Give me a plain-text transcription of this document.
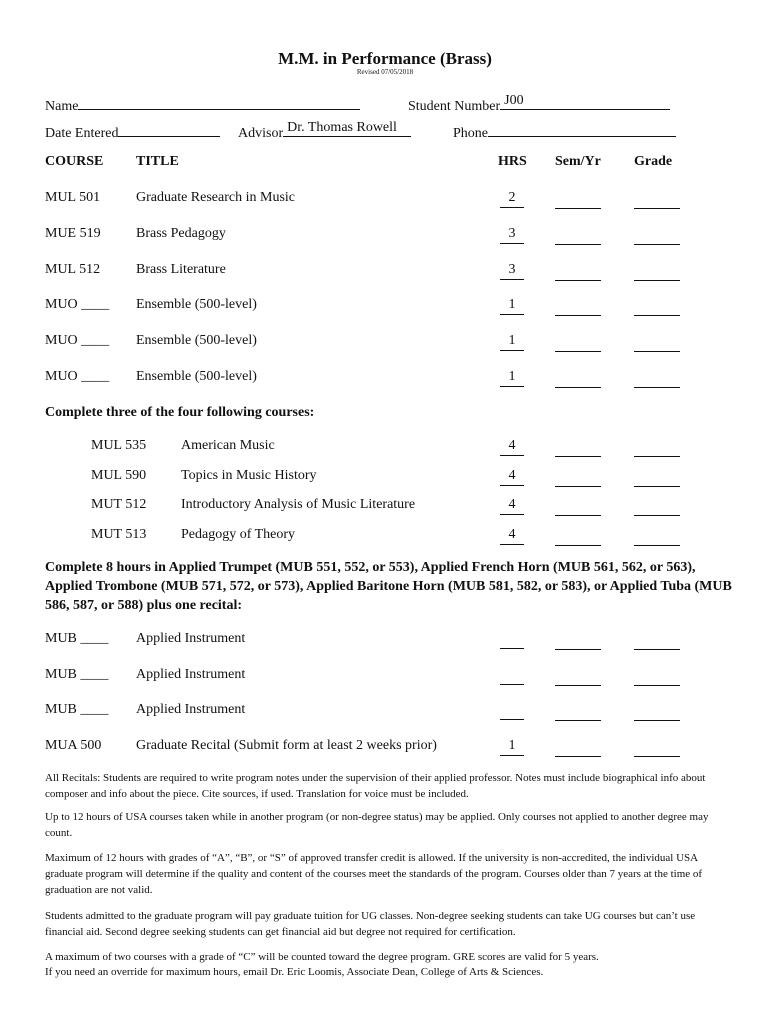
M.M. in Performance (Brass)
Revised 07/05/2018
Name	Student Number J00
Date Entered	Advisor Dr. Thomas Rowell	Phone
COURSE TITLE	HRS Sem/Yr Grade
MUL 501	Graduate Research in Music	2
MUE 519	Brass Pedagogy	3
MUL 512	Brass Literature	3
MUO ____ Ensemble (500-level)	1
MUO ____ Ensemble (500-level)	1
MUO ____ Ensemble (500-level)	1
Complete three of the four following courses:
MUL 535 American Music	4
MUL 590 Topics in Music History	4
MUT 512 Introductory Analysis of Music Literature	4
MUT 513 Pedagogy of Theory	4
Complete 8 hours in Applied Trumpet (MUB 551, 552, or 553), Applied French Horn (MUB 561, 562, or 563), Applied Trombone (MUB 571, 572, or 573), Applied Baritone Horn (MUB 581, 582, or 583), or Applied Tuba (MUB 586, 587, or 588) plus one recital:
MUB ____ Applied Instrument
MUB ____ Applied Instrument
MUB ____ Applied Instrument
MUA 500 Graduate Recital (Submit form at least 2 weeks prior)	1
All Recitals: Students are required to write program notes under the supervision of their applied professor. Notes must include biographical info about composer and info about the piece. Cite sources, if used. Translation for voice must be included.
Up to 12 hours of USA courses taken while in another program (or non-degree status) may be applied. Only courses not applied to another degree may count.
Maximum of 12 hours with grades of “A”, “B”, or “S” of approved transfer credit is allowed. If the university is non-accredited, the individual USA graduate program will determine if the quality and content of the courses meet the standards of the program. Courses older than 7 years at the time of graduation are not valid.
Students admitted to the graduate program will pay graduate tuition for UG classes. Non-degree seeking students can take UG courses but can’t use financial aid. Second degree seeking students can get financial aid but degree not required for certification.
A maximum of two courses with a grade of “C” will be counted toward the degree program. GRE scores are valid for 5 years.
If you need an override for maximum hours, email Dr. Eric Loomis, Associate Dean, College of Arts & Sciences.
